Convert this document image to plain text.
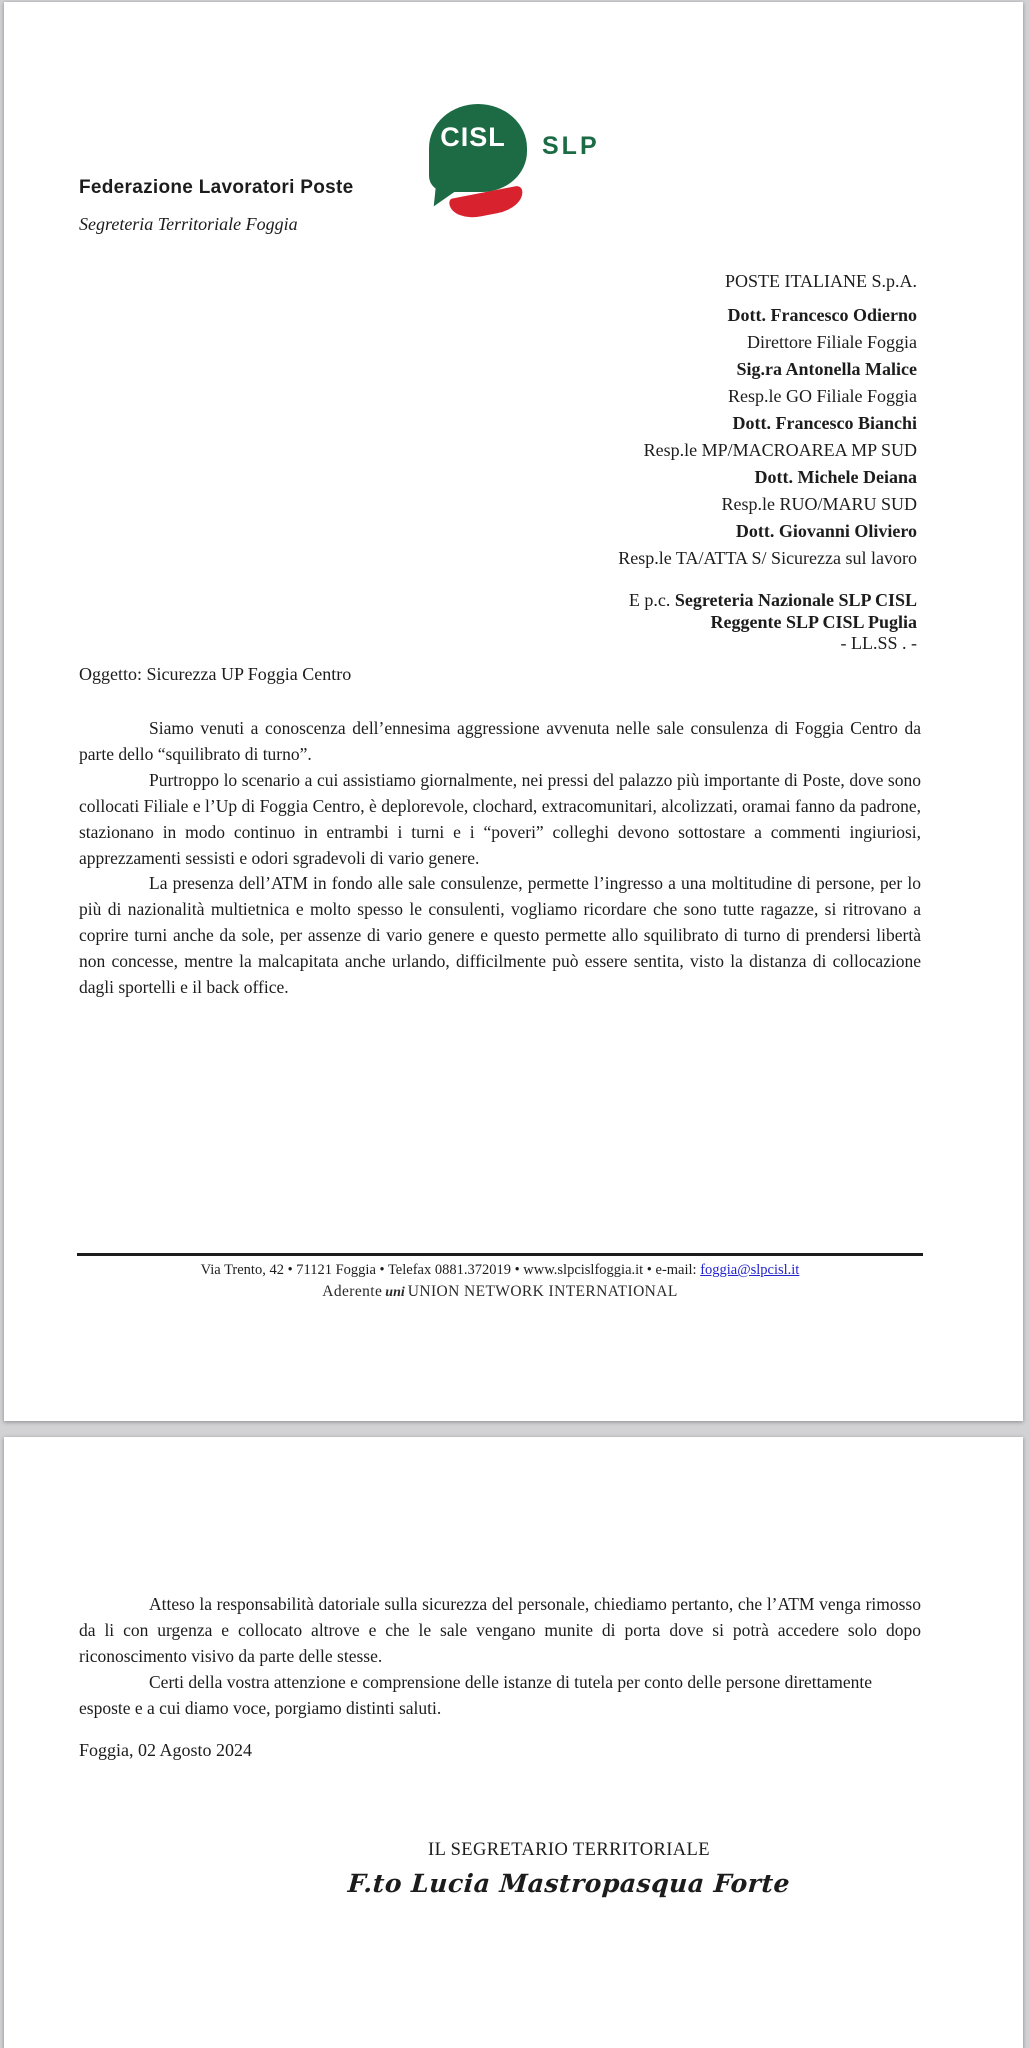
CISL	SLP
Federazione Lavoratori Poste
Segreteria Territoriale Foggia
POSTE ITALIANE S.p.A.
Dott. Francesco Odierno
Direttore Filiale Foggia
Sig.ra Antonella Malice
Resp.le GO Filiale Foggia
Dott. Francesco Bianchi
Resp.le MP/MACROAREA MP SUD
Dott. Michele Deiana
Resp.le RUO/MARU SUD
Dott. Giovanni Oliviero
Resp.le TA/ATTA S/ Sicurezza sul lavoro
E p.c. Segreteria Nazionale SLP CISL
Reggente SLP CISL Puglia
- LL.SS . -
Oggetto: Sicurezza UP Foggia Centro

Siamo venuti a conoscenza dell’ennesima aggressione avvenuta nelle sale consulenza di Foggia Centro da parte dello “squilibrato di turno”.

Purtroppo lo scenario a cui assistiamo giornalmente, nei pressi del palazzo più importante di Poste, dove sono collocati Filiale e l’Up di Foggia Centro, è deplorevole, clochard, extracomunitari, alcolizzati, oramai fanno da padrone, stazionano in modo continuo in entrambi i turni e i “poveri” colleghi devono sottostare a commenti ingiuriosi, apprezzamenti sessisti e odori sgradevoli di vario genere.

La presenza dell’ATM in fondo alle sale consulenze, permette l’ingresso a una moltitudine di persone, per lo più di nazionalità multietnica e molto spesso le consulenti, vogliamo ricordare che sono tutte ragazze, si ritrovano a coprire turni anche da sole, per assenze di vario genere e questo permette allo squilibrato di turno di prendersi libertà non concesse, mentre la malcapitata anche urlando, difficilmente può essere sentita, visto la distanza di collocazione dagli sportelli e il back office.

Via Trento, 42 • 71121 Foggia • Telefax 0881.372019 • www.slpcislfoggia.it • e-mail: foggia@slpcisl.it
Aderente uni UNION NETWORK INTERNATIONAL

Atteso la responsabilità datoriale sulla sicurezza del personale, chiediamo pertanto, che l’ATM venga rimosso da li con urgenza e collocato altrove e che le sale vengano munite di porta dove si potrà accedere solo dopo riconoscimento visivo da parte delle stesse.

Certi della vostra attenzione e comprensione delle istanze di tutela per conto delle persone direttamente esposte e a cui diamo voce, porgiamo distinti saluti.

Foggia, 02 Agosto 2024
IL SEGRETARIO TERRITORIALE
F.to Lucia Mastropasqua Forte
